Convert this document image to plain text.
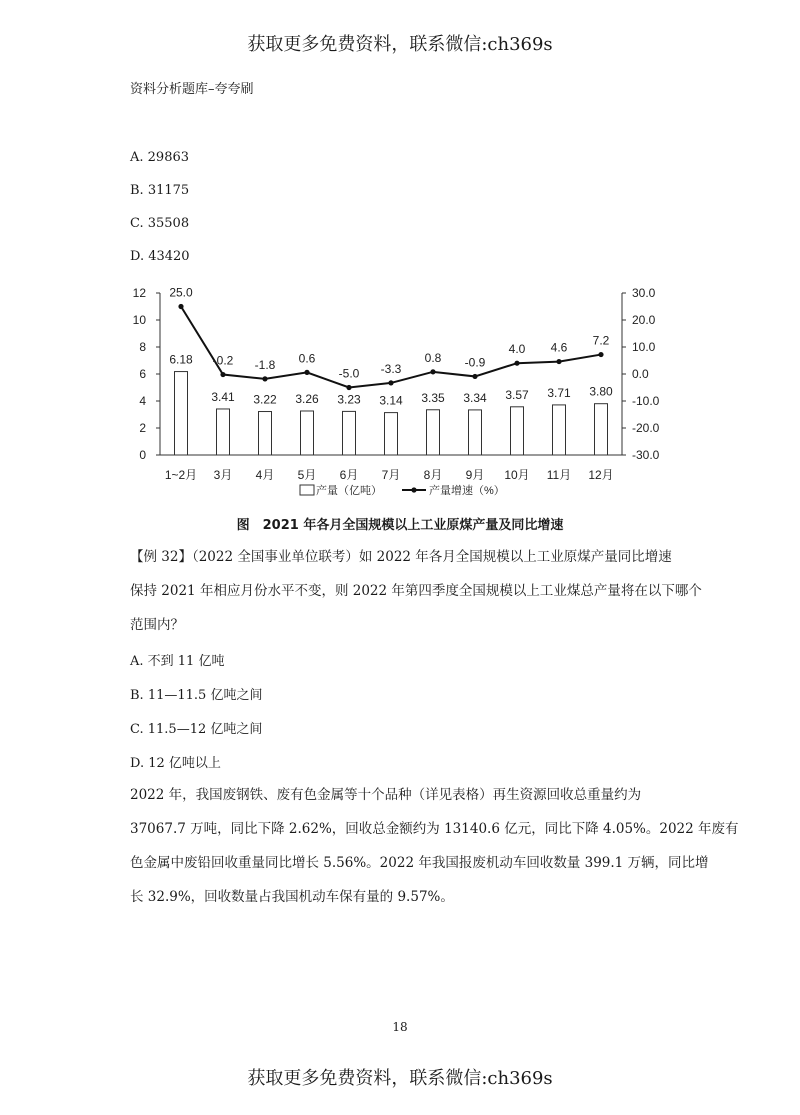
获取更多免费资料，联系微信:ch369s
资料分析题库–夸夸刷
A. 29863
B. 31175
C. 35508
D. 43420
0
2
4
6
8
10
12
-30.0
-20.0
-10.0
0.0
10.0
20.0
30.0
6.18
1~2月
3.41
3月
3.22
4月
3.26
5月
3.23
6月
3.14
7月
3.35
8月
3.34
9月
3.57
10月
3.71
11月
3.80
12月
25.0
-0.2 -1.8 0.6
-5.0 -3.3
0.8 -0.9
4.0 4.6
7.2
产量（亿吨）	产量增速（%）
图　2021 年各月全国规模以上工业原煤产量及同比增速
【例 32】（2022 全国事业单位联考）如 2022 年各月全国规模以上工业原煤产量同比增速
保持 2021 年相应月份水平不变，则 2022 年第四季度全国规模以上工业煤总产量将在以下哪个
范围内？
A. 不到 11 亿吨
B. 11—11.5 亿吨之间
C. 11.5—12 亿吨之间
D. 12 亿吨以上
2022 年，我国废钢铁、废有色金属等十个品种（详见表格）再生资源回收总重量约为
37067.7 万吨，同比下降 2.62%，回收总金额约为 13140.6 亿元，同比下降 4.05%。2022 年废有
色金属中废铅回收重量同比增长 5.56%。2022 年我国报废机动车回收数量 399.1 万辆，同比增
长 32.9%，回收数量占我国机动车保有量的 9.57%。
18
获取更多免费资料，联系微信:ch369s
